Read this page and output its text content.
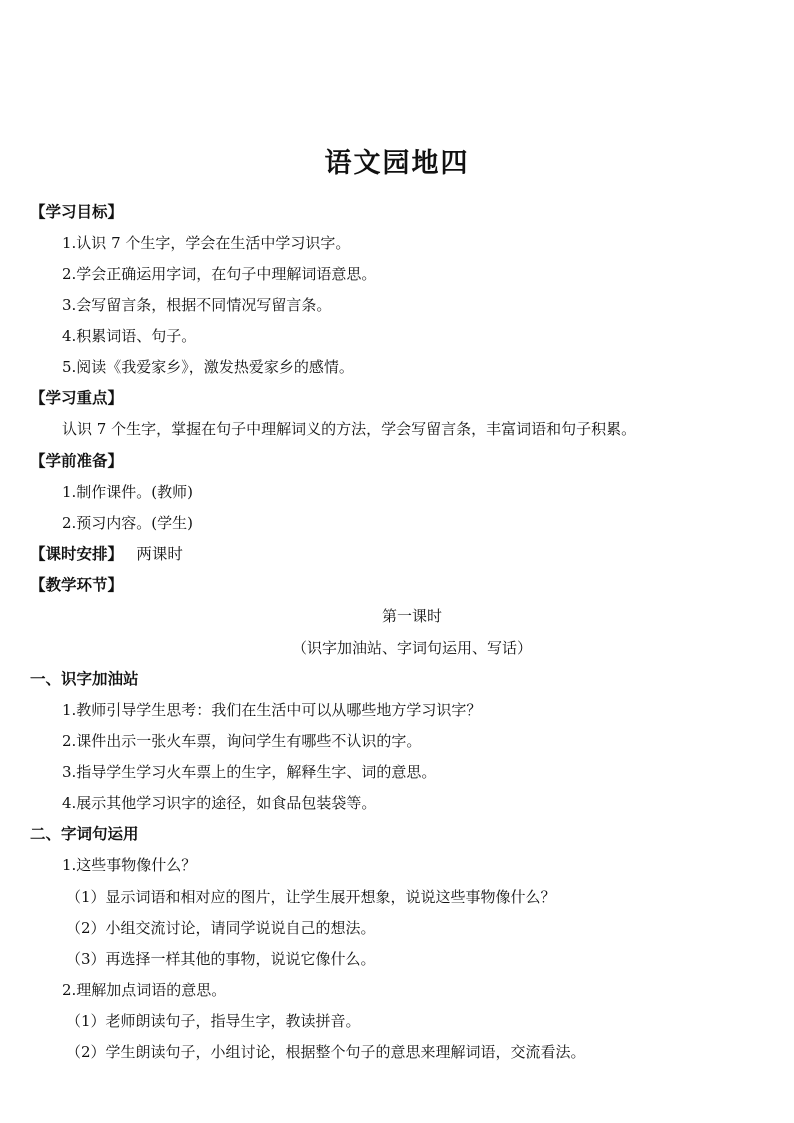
语文园地四
【学习目标】
1.认识 7 个生字，学会在生活中学习识字。
2.学会正确运用字词，在句子中理解词语意思。
3.会写留言条，根据不同情况写留言条。
4.积累词语、句子。
5.阅读《我爱家乡》，激发热爱家乡的感情。
【学习重点】
认识 7 个生字，掌握在句子中理解词义的方法，学会写留言条，丰富词语和句子积累。
【学前准备】
1.制作课件。(教师)
2.预习内容。(学生)
【课时安排】 两课时
【教学环节】
第一课时
（识字加油站、字词句运用、写话）
一、识字加油站
1.教师引导学生思考：我们在生活中可以从哪些地方学习识字？
2.课件出示一张火车票，询问学生有哪些不认识的字。
3.指导学生学习火车票上的生字，解释生字、词的意思。
4.展示其他学习识字的途径，如食品包装袋等。
二、字词句运用
1.这些事物像什么？
（1）显示词语和相对应的图片，让学生展开想象，说说这些事物像什么？
（2）小组交流讨论，请同学说说自己的想法。
（3）再选择一样其他的事物，说说它像什么。
2.理解加点词语的意思。
（1）老师朗读句子，指导生字，教读拼音。
（2）学生朗读句子，小组讨论，根据整个句子的意思来理解词语，交流看法。
